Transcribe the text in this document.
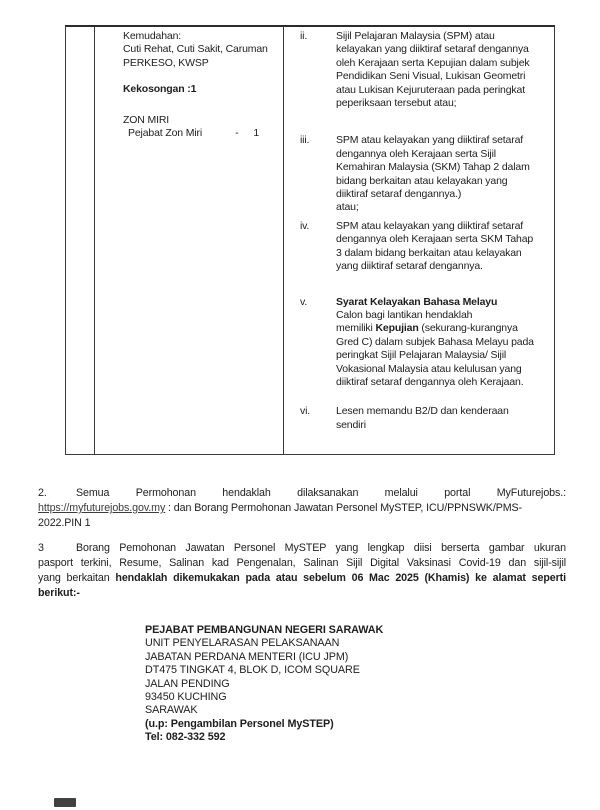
Kemudahan:
Cuti Rehat, Cuti Sakit, Caruman
PERKESO, KWSP
Kekosongan :1
ZON MIRI
Pejabat Zon Miri	- 1
ii.	Sijil Pelajaran Malaysia (SPM) atau
kelayakan yang diiktiraf setaraf dengannya
oleh Kerajaan serta Kepujian dalam subjek
Pendidikan Seni Visual, Lukisan Geometri
atau Lukisan Kejuruteraan pada peringkat
peperiksaan tersebut atau;
iii.	SPM atau kelayakan yang diiktiraf setaraf
dengannya oleh Kerajaan serta Sijil
Kemahiran Malaysia (SKM) Tahap 2 dalam
bidang berkaitan atau kelayakan yang
diiktiraf setaraf dengannya.)
atau;
iv.	SPM atau kelayakan yang diiktiraf setaraf
dengannya oleh Kerajaan serta SKM Tahap
3 dalam bidang berkaitan atau kelayakan
yang diiktiraf setaraf dengannya.
v.	Syarat Kelayakan Bahasa Melayu
Calon bagi lantikan hendaklah
memiliki Kepujian (sekurang-kurangnya
Gred C) dalam subjek Bahasa Melayu pada
peringkat Sijil Pelajaran Malaysia/ Sijil
Vokasional Malaysia atau kelulusan yang
diiktiraf setaraf dengannya oleh Kerajaan.
vi.	Lesen memandu B2/D dan kenderaan
sendiri
2.	Semua Permohonan hendaklah dilaksanakan melalui portal MyFuturejobs.:
https://myfuturejobs.gov.my : dan Borang Permohonan Jawatan Personel MySTEP, ICU/PPNSWK/PMS-
2022.PIN 1
3	Borang Pemohonan Jawatan Personel MySTEP yang lengkap diisi berserta gambar ukuran
pasport terkini, Resume, Salinan kad Pengenalan, Salinan Sijil Digital Vaksinasi Covid-19 dan sijil-sijil
yang berkaitan hendaklah dikemukakan pada atau sebelum 06 Mac 2025 (Khamis) ke alamat seperti
berikut:-
PEJABAT PEMBANGUNAN NEGERI SARAWAK
UNIT PENYELARASAN PELAKSANAAN
JABATAN PERDANA MENTERI (ICU JPM)
DT475 TINGKAT 4, BLOK D, ICOM SQUARE
JALAN PENDING
93450 KUCHING
SARAWAK
(u.p: Pengambilan Personel MySTEP)
Tel: 082-332 592
